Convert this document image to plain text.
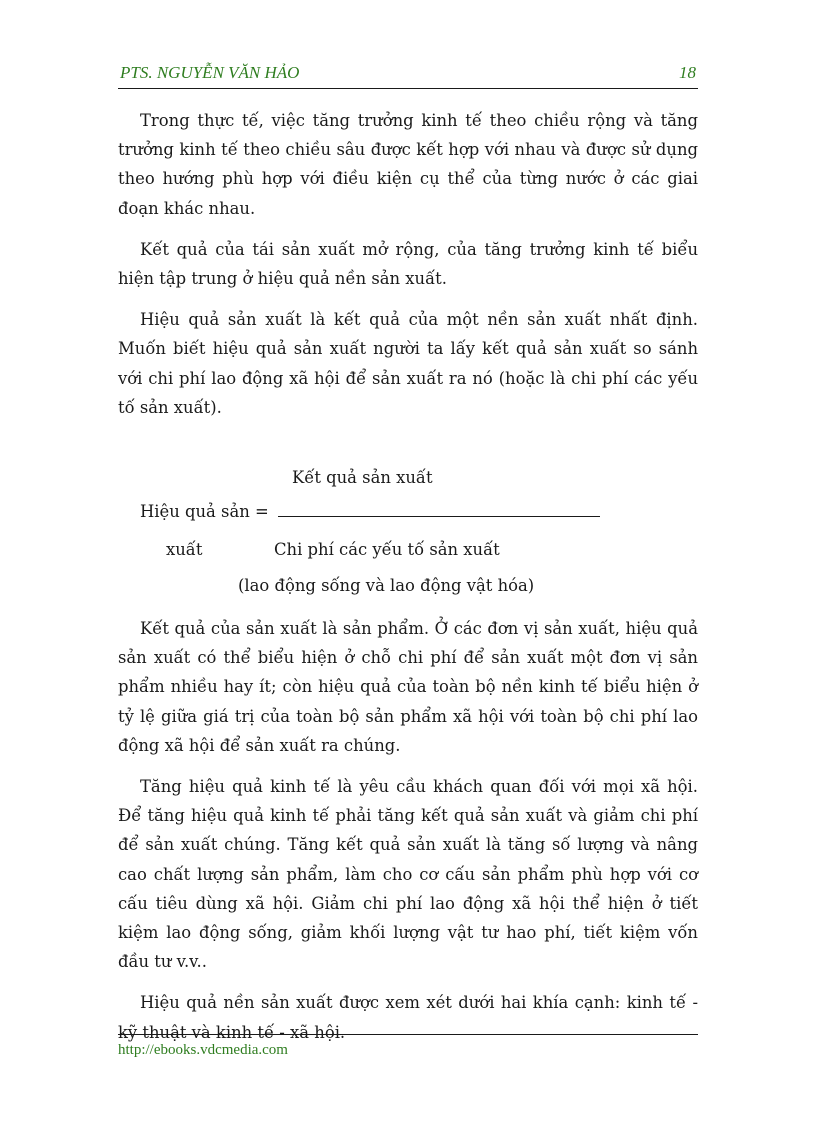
PTS. NGUYỄN VĂN HẢO	18

Trong thực tế, việc tăng trưởng kinh tế theo chiều rộng và tăng trưởng kinh tế theo chiều sâu được kết hợp với nhau và được sử dụng theo hướng phù hợp với điều kiện cụ thể của từng nước ở các giai đoạn khác nhau.

Kết quả của tái sản xuất mở rộng, của tăng trưởng kinh tế biểu hiện tập trung ở hiệu quả nền sản xuất.

Hiệu quả sản xuất là kết quả của một nền sản xuất nhất định. Muốn biết hiệu quả sản xuất người ta lấy kết quả sản xuất so sánh với chi phí lao động xã hội để sản xuất ra nó (hoặc là chi phí các yếu tố sản xuất).

Kết quả sản xuất
Hiệu quả sản =
xuất	Chi phí các yếu tố sản xuất
(lao động sống và lao động vật hóa)

Kết quả của sản xuất là sản phẩm. Ở các đơn vị sản xuất, hiệu quả sản xuất có thể biểu hiện ở chỗ chi phí để sản xuất một đơn vị sản phẩm nhiều hay ít; còn hiệu quả của toàn bộ nền kinh tế biểu hiện ở tỷ lệ giữa giá trị của toàn bộ sản phẩm xã hội với toàn bộ chi phí lao động xã hội để sản xuất ra chúng.

Tăng hiệu quả kinh tế là yêu cầu khách quan đối với mọi xã hội. Để tăng hiệu quả kinh tế phải tăng kết quả sản xuất và giảm chi phí để sản xuất chúng. Tăng kết quả sản xuất là tăng số lượng và nâng cao chất lượng sản phẩm, làm cho cơ cấu sản phẩm phù hợp với cơ cấu tiêu dùng xã hội. Giảm chi phí lao động xã hội thể hiện ở tiết kiệm lao động sống, giảm khối lượng vật tư hao phí, tiết kiệm vốn đầu tư v.v..

Hiệu quả nền sản xuất được xem xét dưới hai khía cạnh: kinh tế - kỹ thuật và kinh tế - xã hội.

http://ebooks.vdcmedia.com
